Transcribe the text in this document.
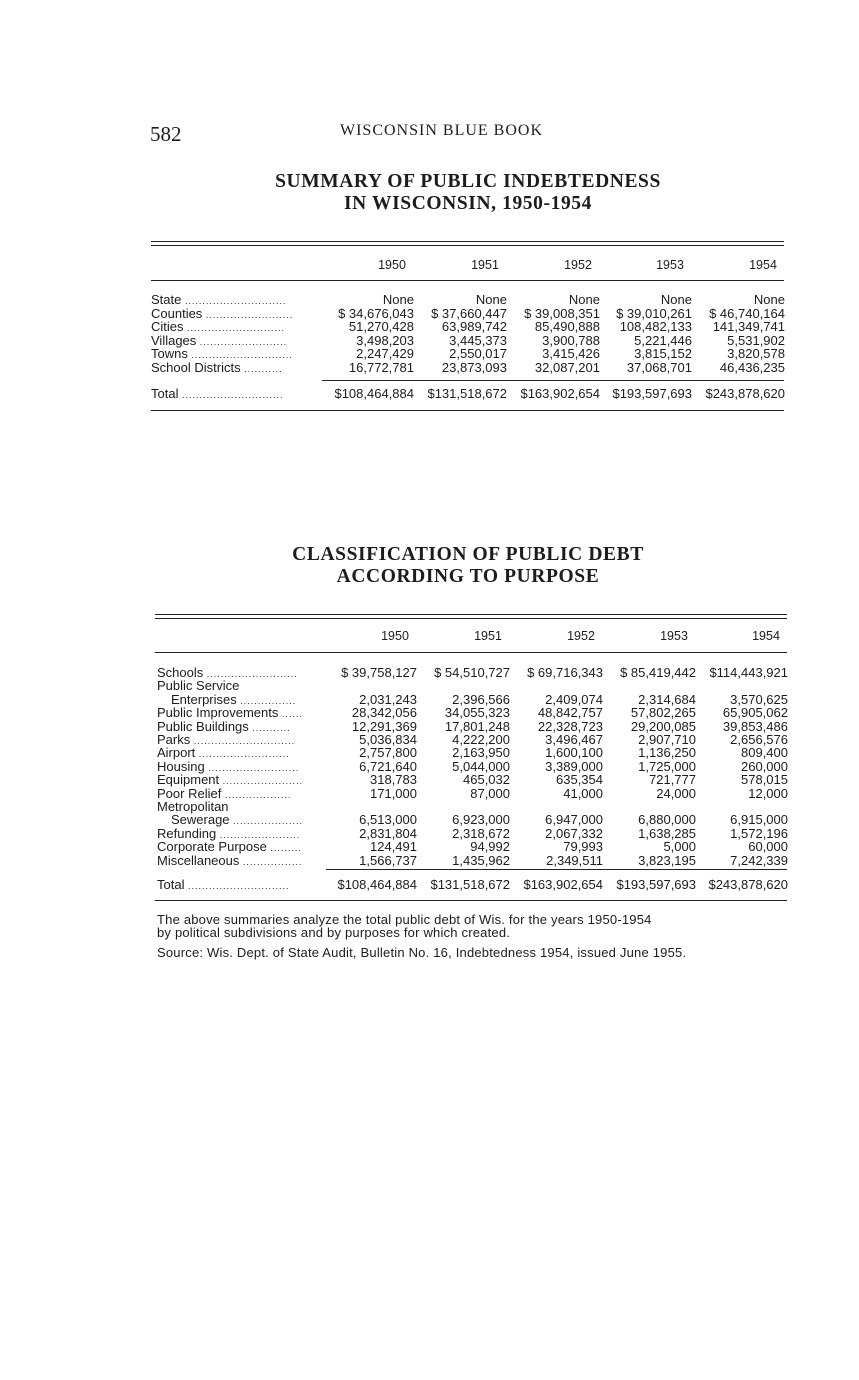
582	WISCONSIN BLUE BOOK
SUMMARY OF PUBLIC INDEBTEDNESS
IN WISCONSIN, 1950-1954
1950	1951	1952	1953	1954
State .............................	None	None	None	None	None
Counties .........................	$ 34,676,043 $ 37,660,447 $ 39,008,351 $ 39,010,261 $ 46,740,164
Cities ............................	51,270,428 63,989,742 85,490,888 108,482,133 141,349,741
Villages .........................	3,498,203	3,445,373	3,900,788	5,221,446	5,531,902
Towns .............................	2,247,429	2,550,017	3,415,426	3,815,152	3,820,578
School Districts ...........	16,772,781 23,873,093 32,087,201 37,068,701 46,436,235
Total .............................	$108,464,884 $131,518,672 $163,902,654 $193,597,693 $243,878,620
CLASSIFICATION OF PUBLIC DEBT
ACCORDING TO PURPOSE
1950	1951	1952	1953	1954
Schools ..........................	$ 39,758,127 $ 54,510,727 $ 69,716,343 $ 85,419,442 $114,443,921
Public Service
Enterprises ................	2,031,243	2,396,566	2,409,074	2,314,684	3,570,625
Public Improvements ......	28,342,056 34,055,323 48,842,757 57,802,265 65,905,062
Public Buildings ...........	12,291,369 17,801,248 22,328,723 29,200,085 39,853,486
Parks .............................	5,036,834	4,222,200	3,496,467	2,907,710	2,656,576
Airport ..........................	2,757,800	2,163,950	1,600,100	1,136,250	809,400
Housing ..........................	6,721,640	5,044,000	3,389,000	1,725,000	260,000
Equipment .......................	318,783	465,032	635,354	721,777	578,015
Poor Relief ...................	171,000	87,000	41,000	24,000	12,000
Metropolitan
Sewerage ....................	6,513,000	6,923,000	6,947,000	6,880,000	6,915,000
Refunding .......................	2,831,804	2,318,672	2,067,332	1,638,285	1,572,196
Corporate Purpose .........	124,491	94,992	79,993	5,000	60,000
Miscellaneous .................	1,566,737	1,435,962	2,349,511	3,823,195	7,242,339
Total .............................	$108,464,884 $131,518,672 $163,902,654 $193,597,693 $243,878,620
The above summaries analyze the total public debt of Wis. for the years 1950-1954
by political subdivisions and by purposes for which created.
Source: Wis. Dept. of State Audit, Bulletin No. 16, Indebtedness 1954, issued June 1955.
